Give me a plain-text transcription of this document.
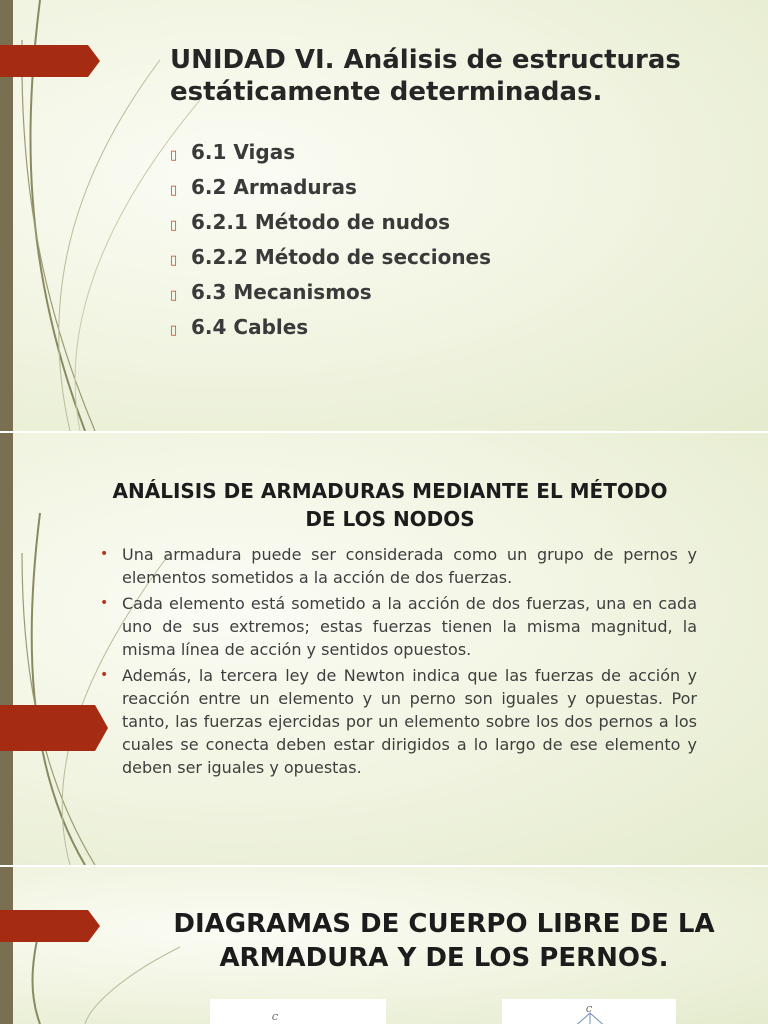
UNIDAD VI. Análisis de estructuras estáticamente determinadas.
▯ 6.1 Vigas
▯ 6.2 Armaduras
▯ 6.2.1 Método de nudos
▯ 6.2.2 Método de secciones
▯ 6.3 Mecanismos
▯ 6.4 Cables
ANÁLISIS DE ARMADURAS MEDIANTE EL MÉTODO DE LOS NODOS
• Una armadura puede ser considerada como un grupo de pernos y elementos sometidos a la acción de dos fuerzas.
• Cada elemento está sometido a la acción de dos fuerzas, una en cada uno de sus extremos; estas fuerzas tienen la misma magnitud, la misma línea de acción y sentidos opuestos.
• Además, la tercera ley de Newton indica que las fuerzas de acción y reacción entre un elemento y un perno son iguales y opuestas. Por tanto, las fuerzas ejercidas por un elemento sobre los dos pernos a los cuales se conecta deben estar dirigidos a lo largo de ese elemento y deben ser iguales y opuestas.
DIAGRAMAS DE CUERPO LIBRE DE LA ARMADURA Y DE LOS PERNOS.
C
C
